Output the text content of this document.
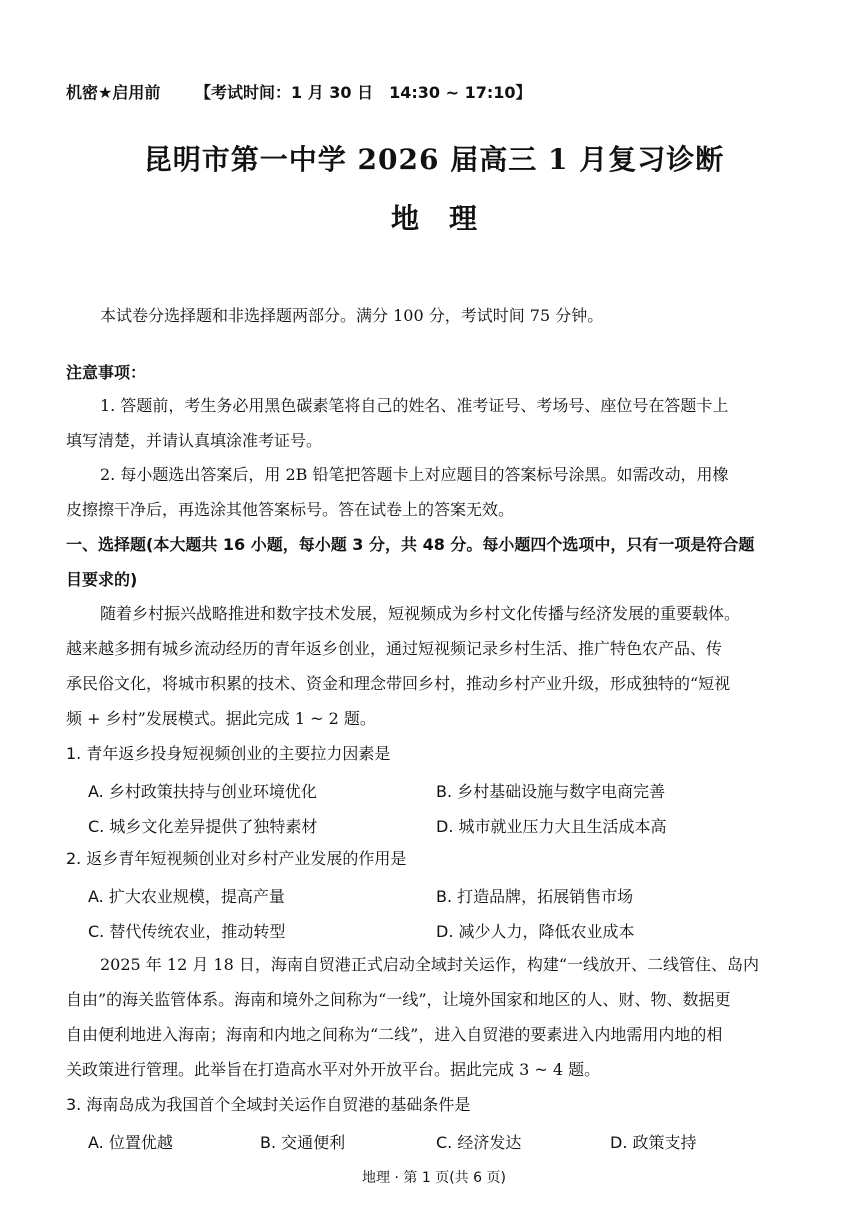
机密★启用前 【考试时间：1 月 30 日　14:30 ~ 17:10】
昆明市第一中学 2026 届高三 1 月复习诊断
地理
本试卷分选择题和非选择题两部分。满分 100 分，考试时间 75 分钟。
注意事项：
1. 答题前，考生务必用黑色碳素笔将自己的姓名、准考证号、考场号、座位号在答题卡上
填写清楚，并请认真填涂准考证号。
2. 每小题选出答案后，用 2B 铅笔把答题卡上对应题目的答案标号涂黑。如需改动，用橡
皮擦擦干净后，再选涂其他答案标号。答在试卷上的答案无效。
一、选择题(本大题共 16 小题，每小题 3 分，共 48 分。每小题四个选项中，只有一项是符合题
目要求的)
随着乡村振兴战略推进和数字技术发展，短视频成为乡村文化传播与经济发展的重要载体。
越来越多拥有城乡流动经历的青年返乡创业，通过短视频记录乡村生活、推广特色农产品、传
承民俗文化，将城市积累的技术、资金和理念带回乡村，推动乡村产业升级，形成独特的“短视
频 + 乡村”发展模式。据此完成 1 ~ 2 题。
1. 青年返乡投身短视频创业的主要拉力因素是
A. 乡村政策扶持与创业环境优化	B. 乡村基础设施与数字电商完善
C. 城乡文化差异提供了独特素材	D. 城市就业压力大且生活成本高
2. 返乡青年短视频创业对乡村产业发展的作用是
A. 扩大农业规模，提高产量	B. 打造品牌，拓展销售市场
C. 替代传统农业，推动转型	D. 减少人力，降低农业成本
2025 年 12 月 18 日，海南自贸港正式启动全域封关运作，构建“一线放开、二线管住、岛内
自由”的海关监管体系。海南和境外之间称为“一线”，让境外国家和地区的人、财、物、数据更
自由便利地进入海南；海南和内地之间称为“二线”，进入自贸港的要素进入内地需用内地的相
关政策进行管理。此举旨在打造高水平对外开放平台。据此完成 3 ~ 4 题。
3. 海南岛成为我国首个全域封关运作自贸港的基础条件是
A. 位置优越	B. 交通便利	C. 经济发达	D. 政策支持
地理 · 第 1 页(共 6 页)
